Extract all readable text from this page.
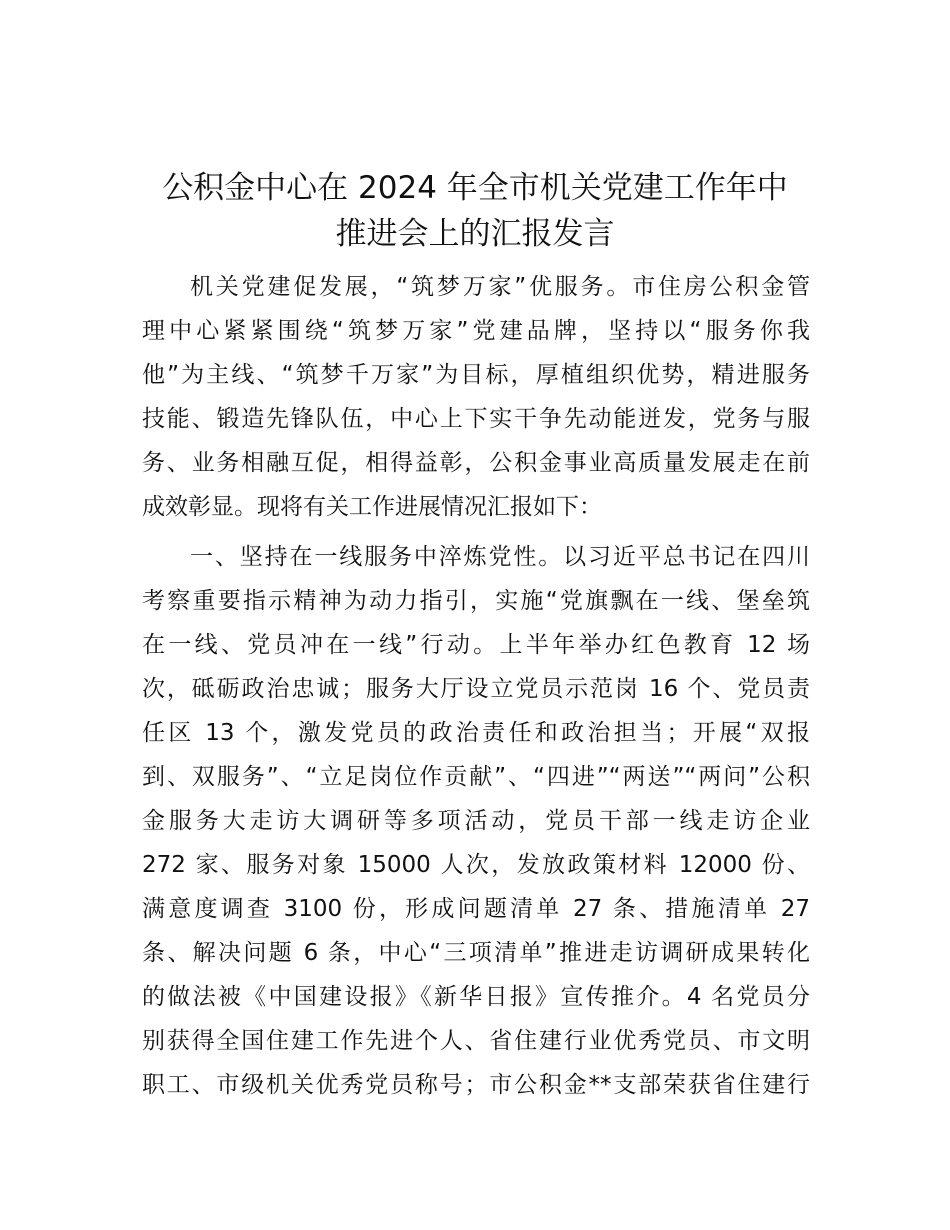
公积金中心在 2024 年全市机关党建工作年中
推进会上的汇报发言
机关党建促发展，“筑梦万家”优服务。市住房公积金管
理中心紧紧围绕“筑梦万家”党建品牌，坚持以“服务你我
他”为主线、“筑梦千万家”为目标，厚植组织优势，精进服务
技能、锻造先锋队伍，中心上下实干争先动能迸发，党务与服
务、业务相融互促，相得益彰，公积金事业高质量发展走在前
成效彰显。现将有关工作进展情况汇报如下：
一、坚持在一线服务中淬炼党性。以习近平总书记在四川
考察重要指示精神为动力指引，实施“党旗飘在一线、堡垒筑
在一线、党员冲在一线”行动。上半年举办红色教育 12 场
次，砥砺政治忠诚；服务大厅设立党员示范岗 16 个、党员责
任区 13 个，激发党员的政治责任和政治担当；开展“双报
到、双服务”、“立足岗位作贡献”、“四进”“两送”“两问”公积
金服务大走访大调研等多项活动，党员干部一线走访企业
272 家、服务对象 15000 人次，发放政策材料 12000 份、
满意度调查 3100 份，形成问题清单 27 条、措施清单 27
条、解决问题 6 条，中心“三项清单”推进走访调研成果转化
的做法被《中国建设报》《新华日报》宣传推介。4 名党员分
别获得全国住建工作先进个人、省住建行业优秀党员、市文明
职工、市级机关优秀党员称号；市公积金**支部荣获省住建行
